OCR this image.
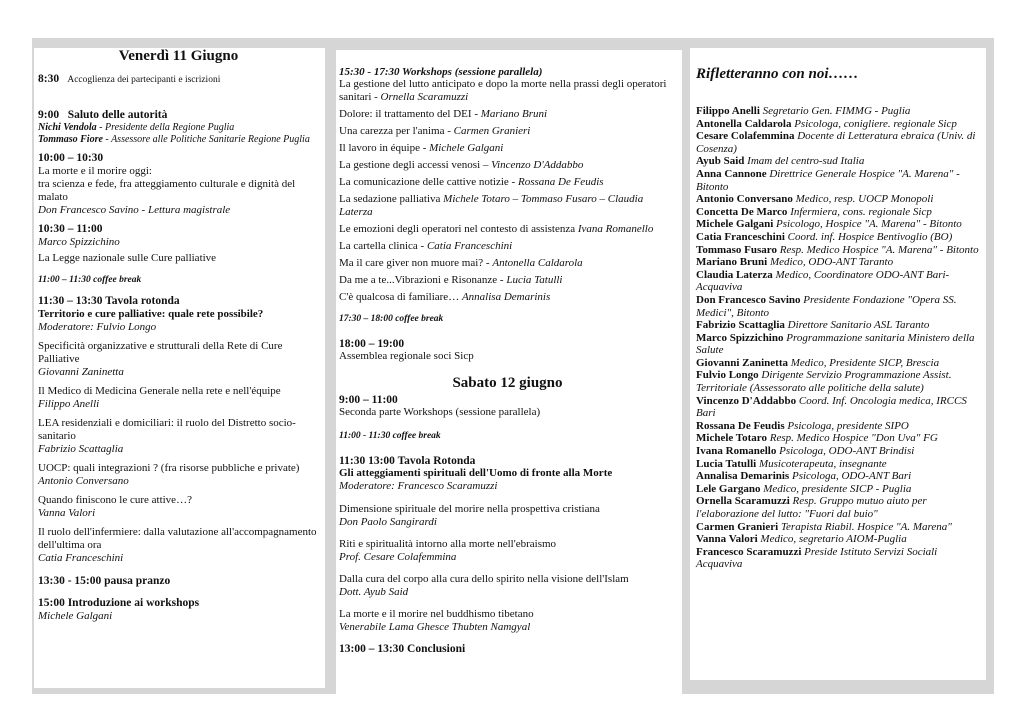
Venerdì 11 Giugno
8:30 Accoglienza dei partecipanti e iscrizioni
9:00 Saluto delle autorità
Nichi Vendola - Presidente della Regione Puglia
Tommaso Fiore - Assessore alle Politiche Sanitarie Regione Puglia
10:00 – 10:30
La morte e il morire oggi:
tra scienza e fede, fra atteggiamento culturale e dignità del malato
Don Francesco Savino - Lettura magistrale
10:30 – 11:00
Marco Spizzichino
La Legge nazionale sulle Cure palliative
11:00 – 11:30 coffee break
11:30 – 13:30 Tavola rotonda
Territorio e cure palliative: quale rete possibile?
Moderatore: Fulvio Longo
Specificità organizzative e strutturali della Rete di Cure Palliative
Giovanni Zaninetta
Il Medico di Medicina Generale nella rete e nell'équipe
Filippo Anelli
LEA residenziali e domiciliari: il ruolo del Distretto socio-sanitario
Fabrizio Scattaglia
UOCP: quali integrazioni ? (fra risorse pubbliche e private)
Antonio Conversano
Quando finiscono le cure attive…?
Vanna Valori
Il ruolo dell'infermiere: dalla valutazione all'accompagnamento dell'ultima ora
Catia Franceschini
13:30 - 15:00 pausa pranzo
15:00 Introduzione ai workshops
Michele Galgani
15:30 - 17:30 Workshops (sessione parallela)
La gestione del lutto anticipato e dopo la morte nella prassi degli operatori sanitari - Ornella Scaramuzzi
Dolore: il trattamento del DEI - Mariano Bruni
Una carezza per l'anima - Carmen Granieri
Il lavoro in équipe - Michele Galgani
La gestione degli accessi venosi – Vincenzo D'Addabbo
La comunicazione delle cattive notizie - Rossana De Feudis
La sedazione palliativa Michele Totaro – Tommaso Fusaro – Claudia Laterza
Le emozioni degli operatori nel contesto di assistenza Ivana Romanello
La cartella clinica - Catia Franceschini
Ma il care giver non muore mai? - Antonella Caldarola
Da me a te...Vibrazioni e Risonanze - Lucia Tatulli
C'è qualcosa di familiare… Annalisa Demarinis
17:30 – 18:00 coffee break
18:00 – 19:00
Assemblea regionale soci Sicp
Sabato 12 giugno
9:00 – 11:00
Seconda parte Workshops (sessione parallela)
11:00 - 11:30 coffee break
11:30 13:00 Tavola Rotonda
Gli atteggiamenti spirituali dell'Uomo di fronte alla Morte
Moderatore: Francesco Scaramuzzi
Dimensione spirituale del morire nella prospettiva cristiana
Don Paolo Sangirardi
Riti e spiritualità intorno alla morte nell'ebraismo
Prof. Cesare Colafemmina
Dalla cura del corpo alla cura dello spirito nella visione dell'Islam
Dott. Ayub Said
La morte e il morire nel buddhismo tibetano
Venerabile Lama Ghesce Thubten Namgyal
13:00 – 13:30 Conclusioni
Rifletteranno con noi……
Filippo Anelli Segretario Gen. FIMMG - Puglia
Antonella Caldarola Psicologa, conigliere. regionale Sicp
Cesare Colafemmina Docente di Letteratura ebraica (Univ. di Cosenza)
Ayub Said Imam del centro-sud Italia
Anna Cannone Direttrice Generale Hospice "A. Marena" - Bitonto
Antonio Conversano Medico, resp. UOCP Monopoli
Concetta De Marco Infermiera, cons. regionale Sicp
Michele Galgani Psicologo, Hospice "A. Marena" - Bitonto
Catia Franceschini Coord. inf. Hospice Bentivoglio (BO)
Tommaso Fusaro Resp. Medico Hospice "A. Marena" - Bitonto
Mariano Bruni Medico, ODO-ANT Taranto
Claudia Laterza Medico, Coordinatore ODO-ANT Bari-Acquaviva
Don Francesco Savino Presidente Fondazione "Opera SS. Medici", Bitonto
Fabrizio Scattaglia Direttore Sanitario ASL Taranto
Marco Spizzichino Programmazione sanitaria Ministero della Salute
Giovanni Zaninetta Medico, Presidente SICP, Brescia
Fulvio Longo Dirigente Servizio Programmazione Assist. Territoriale (Assessorato alle politiche della salute)
Vincenzo D'Addabbo Coord. Inf. Oncologia medica, IRCCS Bari
Rossana De Feudis Psicologa, presidente SIPO
Michele Totaro Resp. Medico Hospice "Don Uva" FG
Ivana Romanello Psicologa, ODO-ANT Brindisi
Lucia Tatulli Musicoterapeuta, insegnante
Annalisa Demarinis Psicologa, ODO-ANT Bari
Lele Gargano Medico, presidente SICP - Puglia
Ornella Scaramuzzi Resp. Gruppo mutuo aiuto per l'elaborazione del lutto: "Fuori dal buio"
Carmen Granieri Terapista Riabil. Hospice "A. Marena"
Vanna Valori Medico, segretario AIOM-Puglia
Francesco Scaramuzzi Preside Istituto Servizi Sociali Acquaviva
